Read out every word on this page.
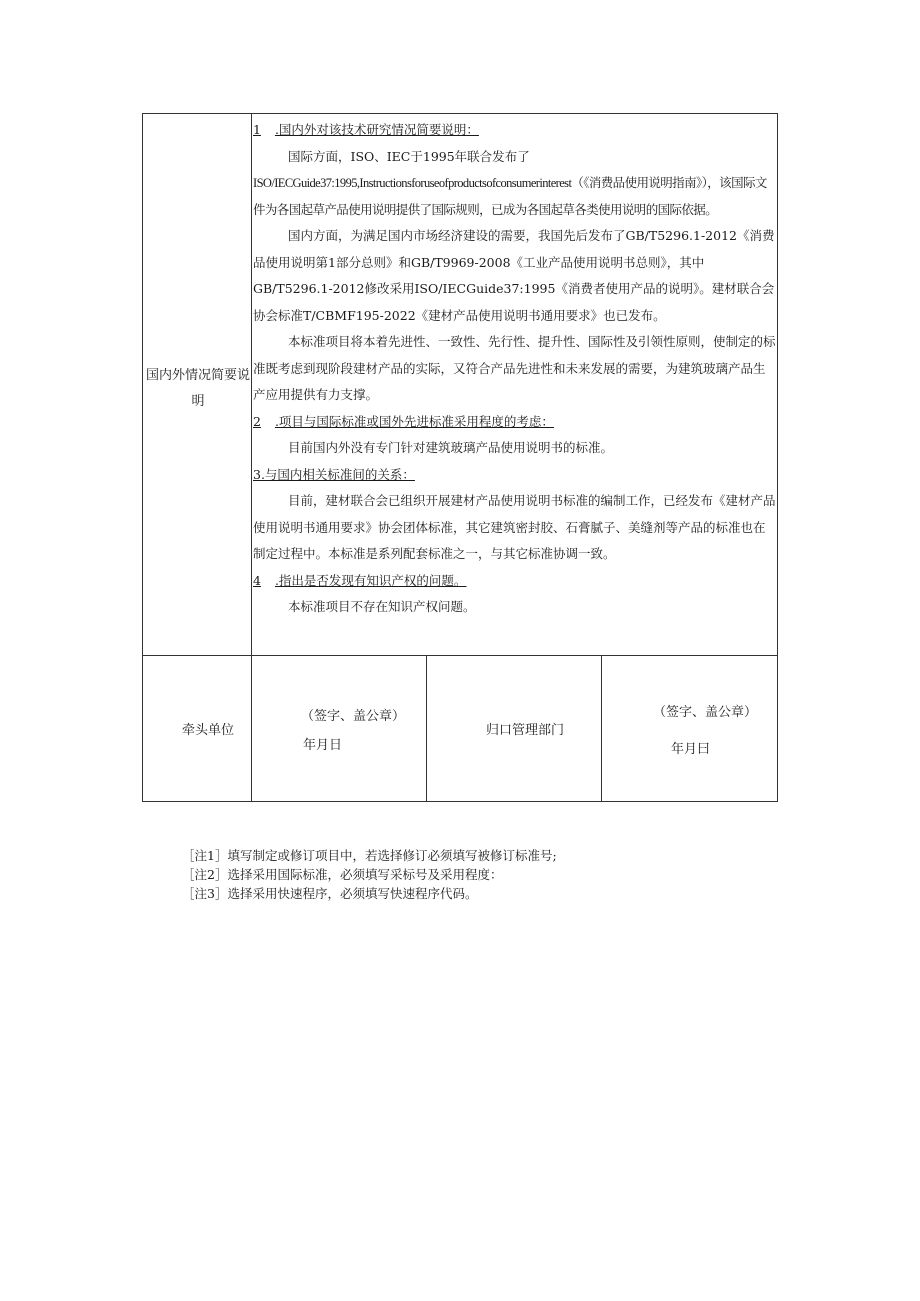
国内外情况简要说明

1 .国内外对该技术研究情况简要说明：

国际方面，ISO、IEC于1995年联合发布了

ISO/IECGuide37:1995,Instructionsforuseofproductsofconsumerinterest（《消费品使用说明指南》），该国际文件为各国起草产品使用说明提供了国际规则，已成为各国起草各类使用说明的国际依据。

国内方面，为满足国内市场经济建设的需要，我国先后发布了GB/T5296.1-2012《消费品使用说明第1部分总则》和GB/T9969-2008《工业产品使用说明书总则》，其中GB/T5296.1-2012修改采用ISO/IECGuide37:1995《消费者使用产品的说明》。建材联合会协会标准T/CBMF195-2022《建材产品使用说明书通用要求》也已发布。

本标准项目将本着先进性、一致性、先行性、提升性、国际性及引领性原则，使制定的标准既考虑到现阶段建材产品的实际，又符合产品先进性和未来发展的需要，为建筑玻璃产品生产应用提供有力支撑。

2 .项目与国际标准或国外先进标准采用程度的考虑：

目前国内外没有专门针对建筑玻璃产品使用说明书的标准。

3.与国内相关标准间的关系：

目前，建材联合会已组织开展建材产品使用说明书标准的编制工作，已经发布《建材产品使用说明书通用要求》协会团体标准，其它建筑密封胶、石膏腻子、美缝剂等产品的标准也在制定过程中。本标准是系列配套标准之一，与其它标准协调一致。

4 .指出是否发现有知识产权的问题。

本标准项目不存在知识产权问题。

牵头单位
（签字、盖公章）
年月日
归口管理部门
（签字、盖公章）
年月曰

［注1］填写制定或修订项目中，若选择修订必须填写被修订标准号;

［注2］选择采用国际标准，必须填写采标号及采用程度：

［注3］选择采用快速程序，必须填写快速程序代码。
